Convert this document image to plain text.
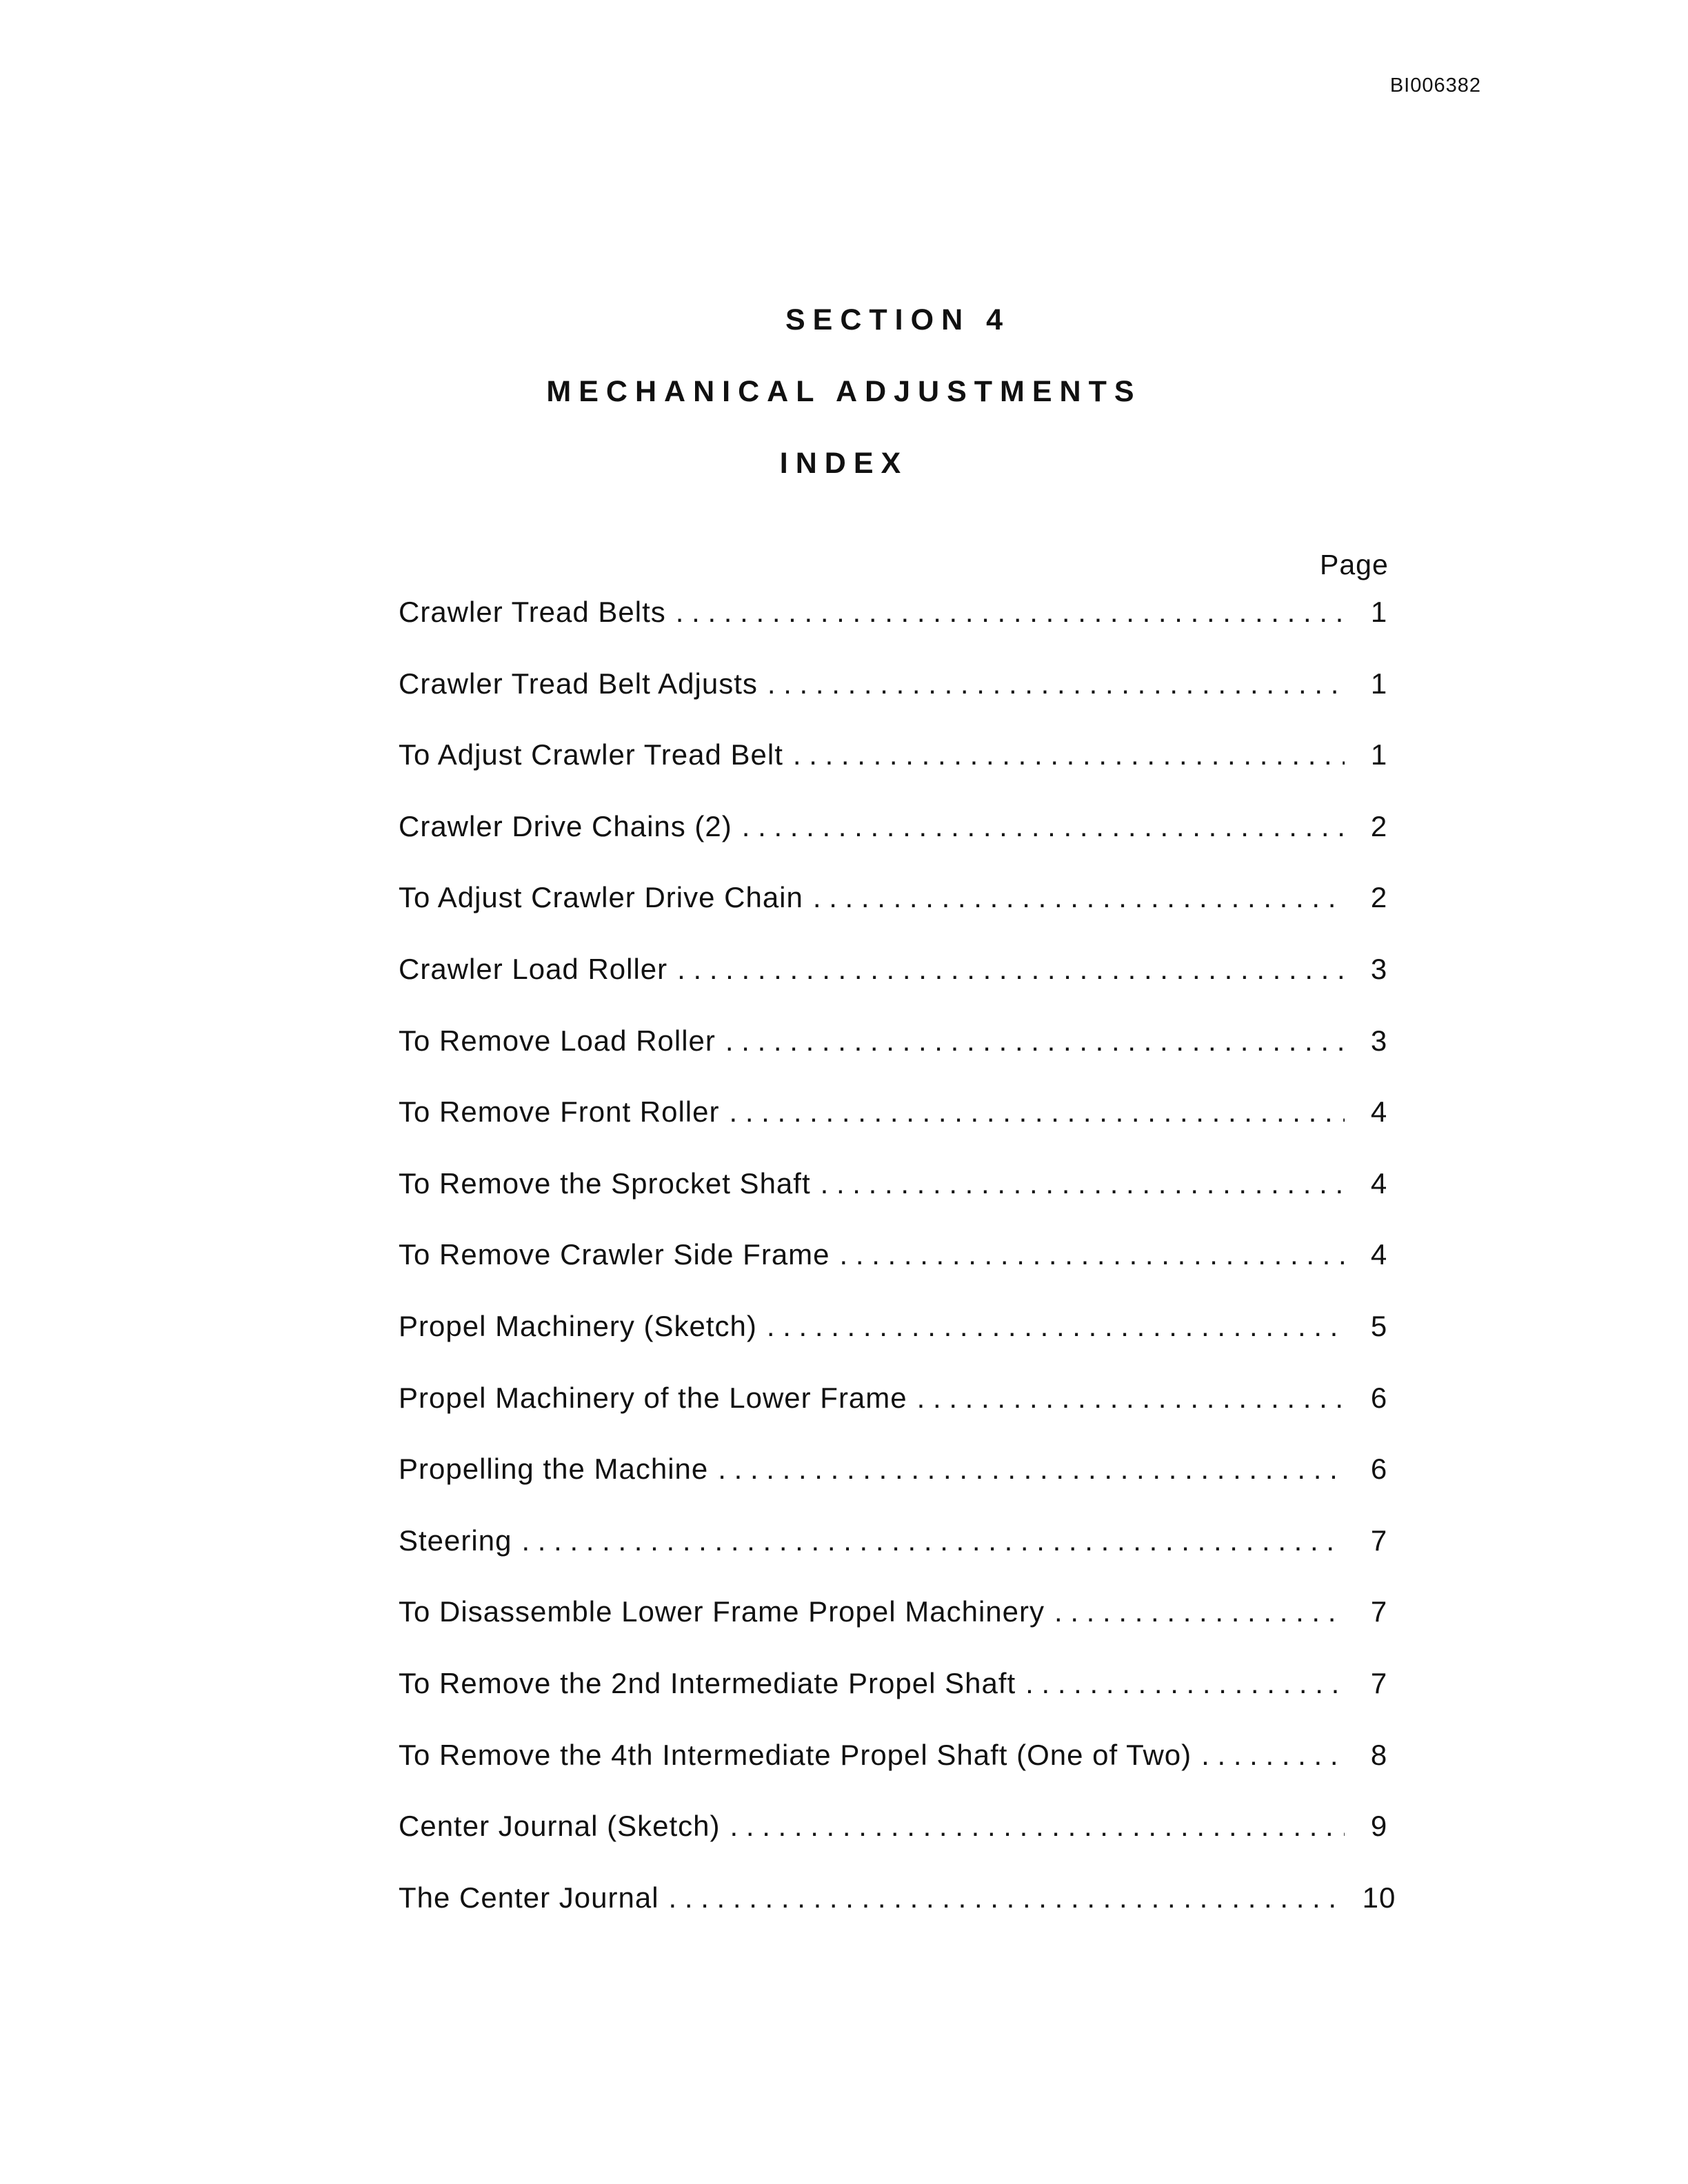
BI006382
SECTION 4
MECHANICAL ADJUSTMENTS
INDEX
Page
Crawler Tread Belts . . .	1
Crawler Tread Belt Adjusts . . .	1
To Adjust Crawler Tread Belt . . .	1
Crawler Drive Chains (2) . . .	2
To Adjust Crawler Drive Chain . . .	2
Crawler Load Roller . . .	3
To Remove Load Roller . . .	3
To Remove Front Roller . . .	4
To Remove the Sprocket Shaft . . .	4
To Remove Crawler Side Frame . . .	4
Propel Machinery (Sketch) . . .	5
Propel Machinery of the Lower Frame . . .	6
Propelling the Machine . . .	6
Steering . . .	7
To Disassemble Lower Frame Propel Machinery . . .	7
To Remove the 2nd Intermediate Propel Shaft . . .	7
To Remove the 4th Intermediate Propel Shaft (One of Two) . . .	8
Center Journal (Sketch) . . .	9
The Center Journal . . .	10
